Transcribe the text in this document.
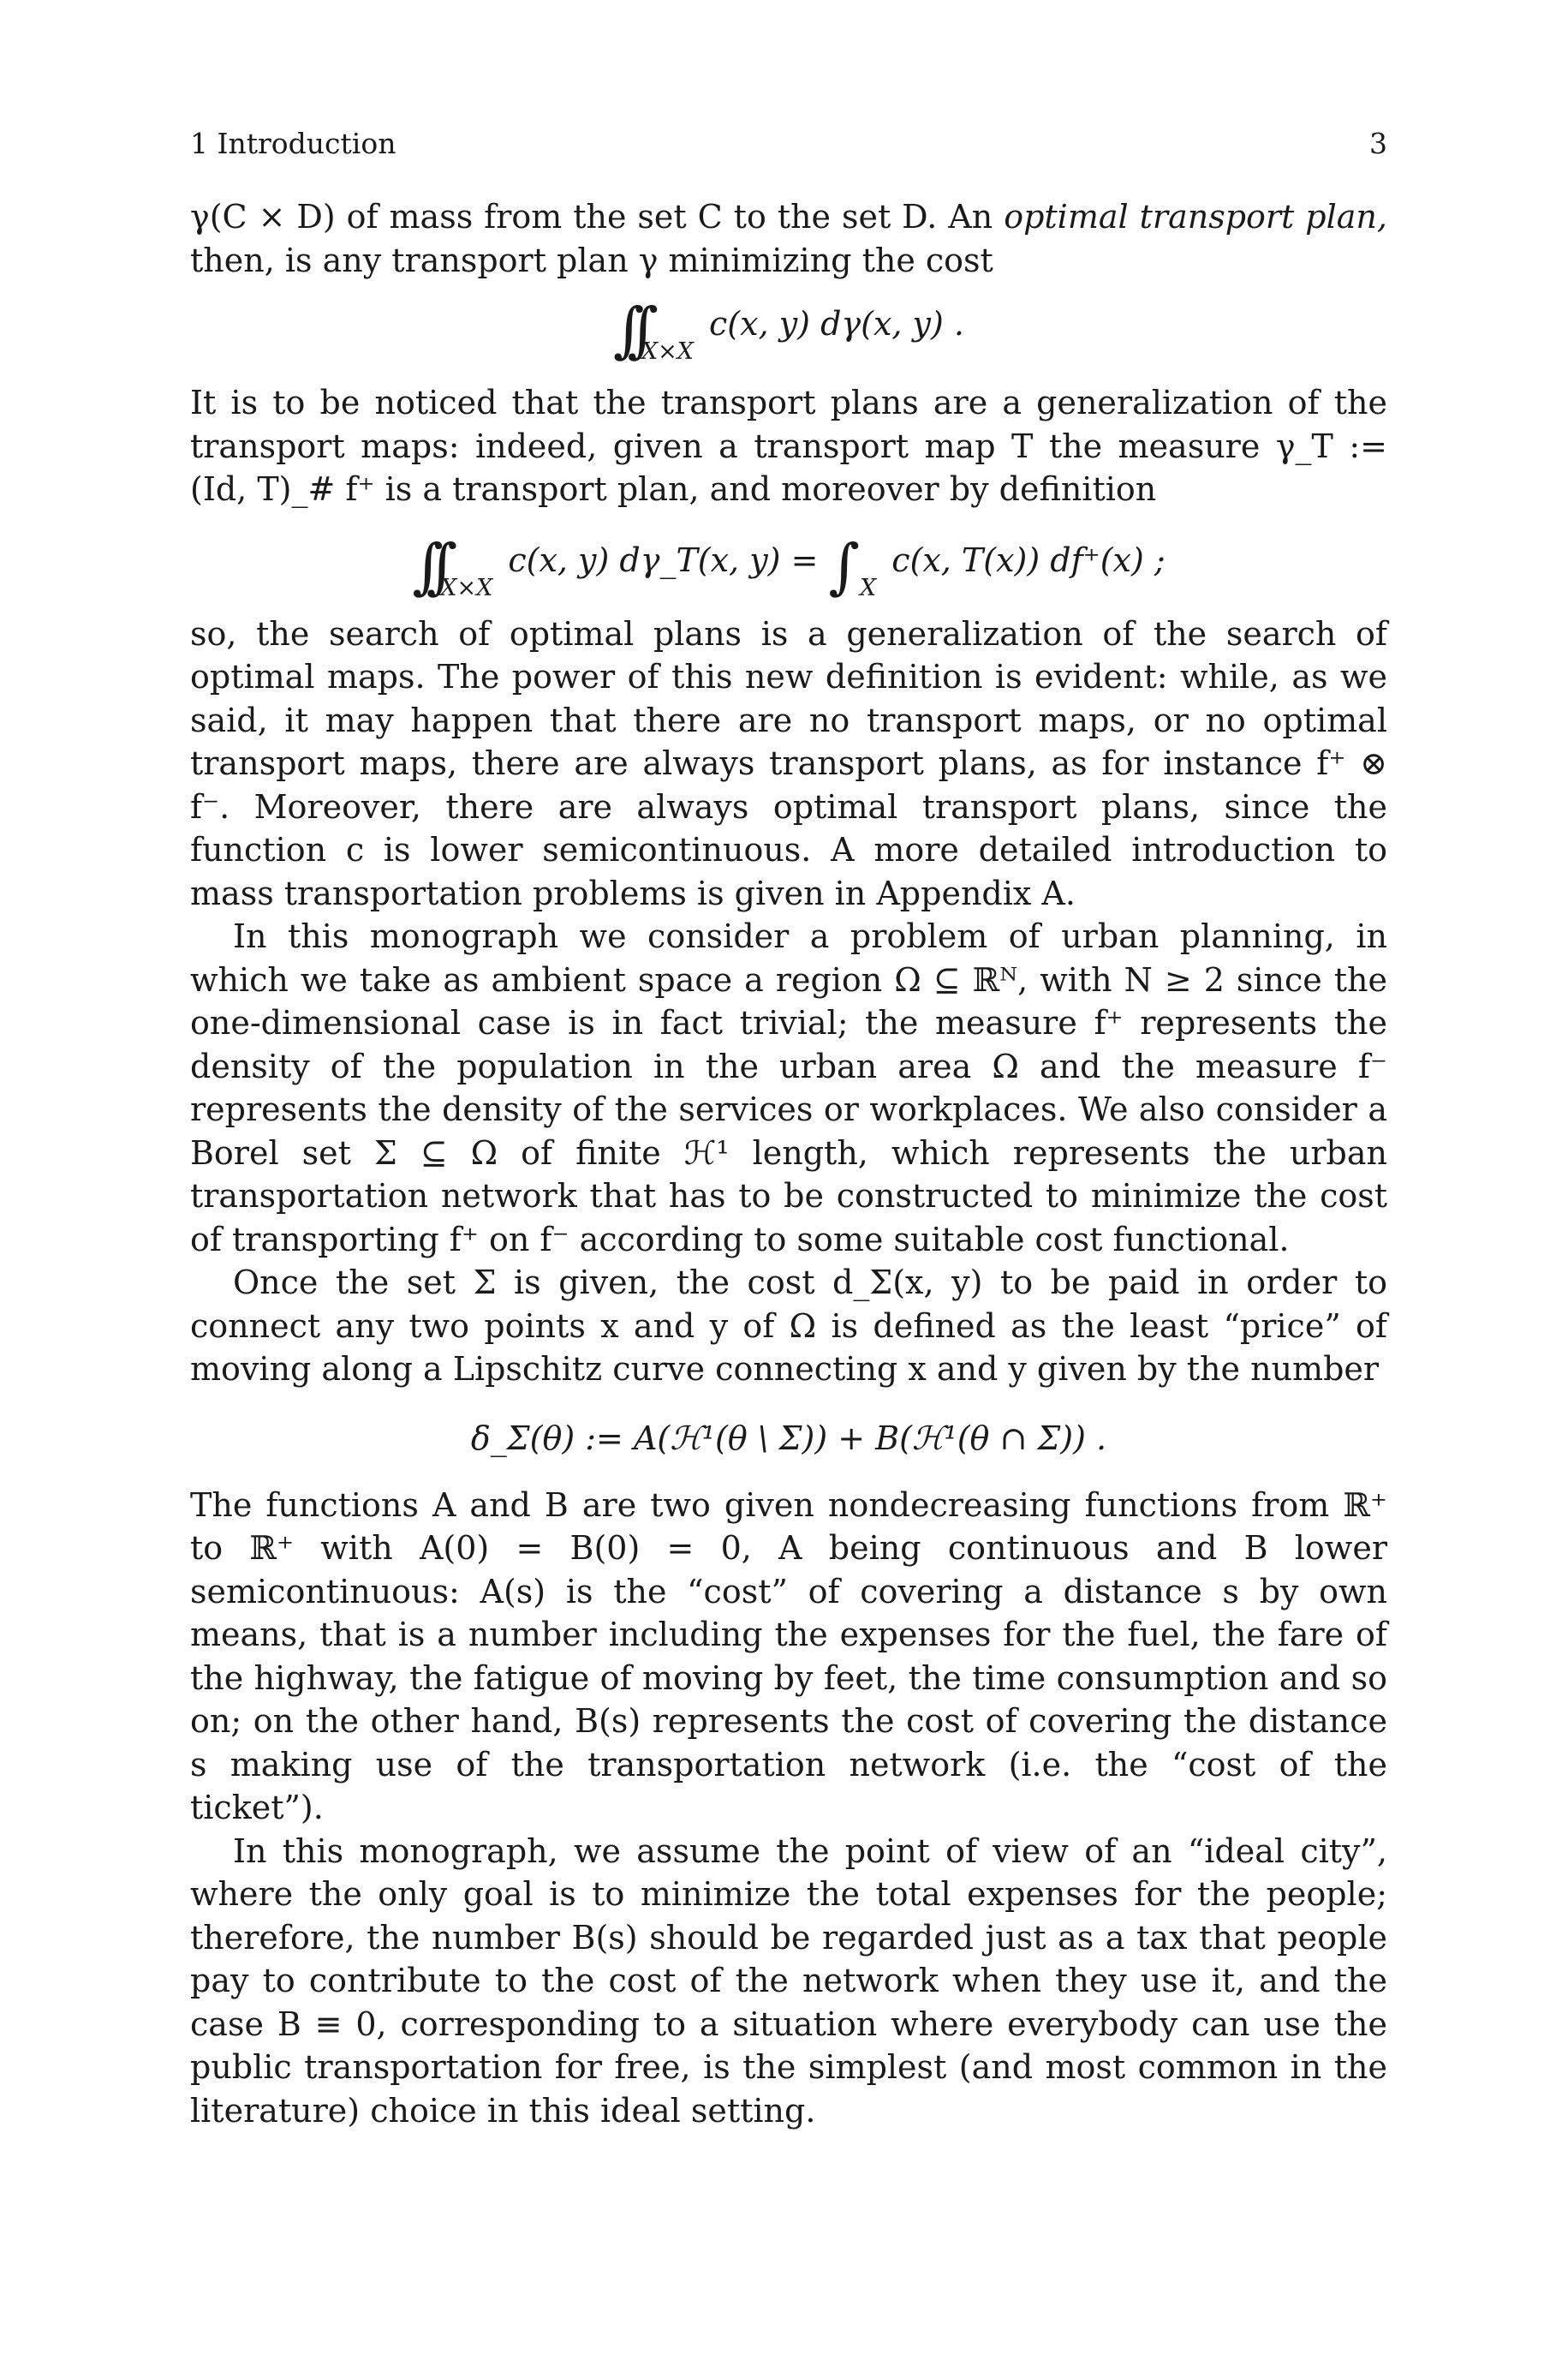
1 Introduction	3

γ(C × D) of mass from the set C to the set D. An optimal transport plan, then, is any transport plan γ minimizing the cost

$\int\int_{X\times X}c(x$, y) dγ(x, y) .

It is to be noticed that the transport plans are a generalization of the transport maps: indeed, given a transport map T the measure γ_T := (Id, T)_# f⁺ is a transport plan, and moreover by definition

$\int\int_{X\times X}c(x$, y) dγ_T(x, $y) = \int_Xc(x$, T(x)) df⁺(x) ;

so, the search of optimal plans is a generalization of the search of optimal maps. The power of this new definition is evident: while, as we said, it may happen that there are no transport maps, or no optimal transport maps, there are always transport plans, as for instance f⁺ ⊗ f⁻. Moreover, there are always optimal transport plans, since the function c is lower semicontinuous. A more detailed introduction to mass transportation problems is given in Appendix A.

In this monograph we consider a problem of urban planning, in which we take as ambient space a region Ω ⊆ ℝᴺ, with N ≥ 2 since the one-dimensional case is in fact trivial; the measure f⁺ represents the density of the population in the urban area Ω and the measure f⁻ represents the density of the services or workplaces. We also consider a Borel set Σ ⊆ Ω of finite ℋ¹ length, which represents the urban transportation network that has to be constructed to minimize the cost of transporting f⁺ on f⁻ according to some suitable cost functional.

Once the set Σ is given, the cost d_Σ(x, y) to be paid in order to connect any two points x and y of Ω is defined as the least “price” of moving along a Lipschitz curve connecting x and y given by the number

δ_Σ(θ) := A(ℋ¹(θ \ Σ)) + B(ℋ¹(θ ∩ Σ)) .

The functions A and B are two given nondecreasing functions from ℝ⁺ to ℝ⁺ with A(0) = B(0) = 0, A being continuous and B lower semicontinuous: A(s) is the “cost” of covering a distance s by own means, that is a number including the expenses for the fuel, the fare of the highway, the fatigue of moving by feet, the time consumption and so on; on the other hand, B(s) represents the cost of covering the distance s making use of the transportation network (i.e. the “cost of the ticket”).

In this monograph, we assume the point of view of an “ideal city”, where the only goal is to minimize the total expenses for the people; therefore, the number B(s) should be regarded just as a tax that people pay to contribute to the cost of the network when they use it, and the case B ≡ 0, corresponding to a situation where everybody can use the public transportation for free, is the simplest (and most common in the literature) choice in this ideal setting.
